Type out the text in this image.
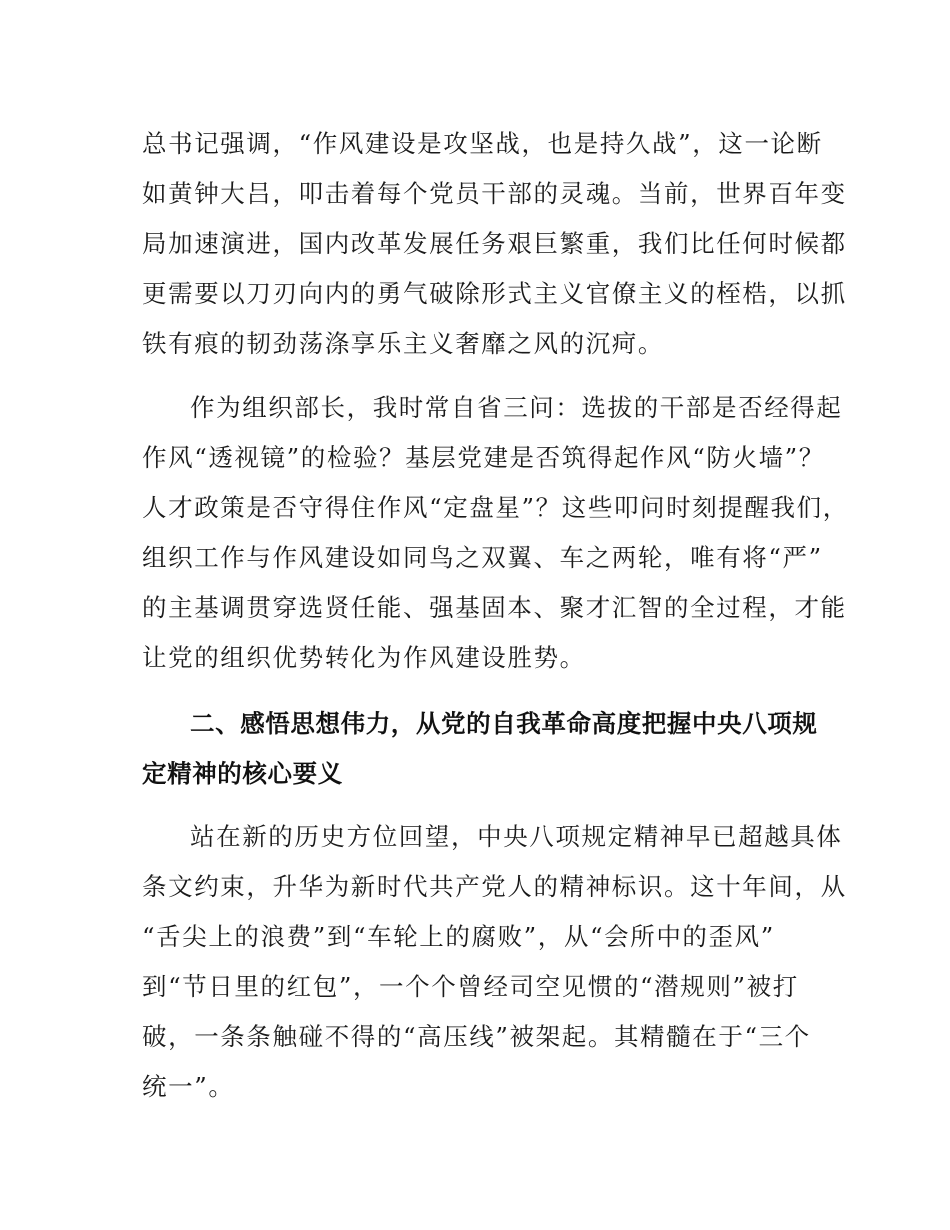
总书记强调，“作风建设是攻坚战，也是持久战”，这一论断

如黄钟大吕，叩击着每个党员干部的灵魂。当前，世界百年变

局加速演进，国内改革发展任务艰巨繁重，我们比任何时候都

更需要以刀刃向内的勇气破除形式主义官僚主义的桎梏，以抓

铁有痕的韧劲荡涤享乐主义奢靡之风的沉疴。

作为组织部长，我时常自省三问：选拔的干部是否经得起

作风“透视镜”的检验？基层党建是否筑得起作风“防火墙”？

人才政策是否守得住作风“定盘星”？这些叩问时刻提醒我们，

组织工作与作风建设如同鸟之双翼、车之两轮，唯有将“严”

的主基调贯穿选贤任能、强基固本、聚才汇智的全过程，才能

让党的组织优势转化为作风建设胜势。

二、感悟思想伟力，从党的自我革命高度把握中央八项规

定精神的核心要义

站在新的历史方位回望，中央八项规定精神早已超越具体

条文约束，升华为新时代共产党人的精神标识。这十年间，从

“舌尖上的浪费”到“车轮上的腐败”，从“会所中的歪风”

到“节日里的红包”，一个个曾经司空见惯的“潜规则”被打

破，一条条触碰不得的“高压线”被架起。其精髓在于“三个

统一”。
